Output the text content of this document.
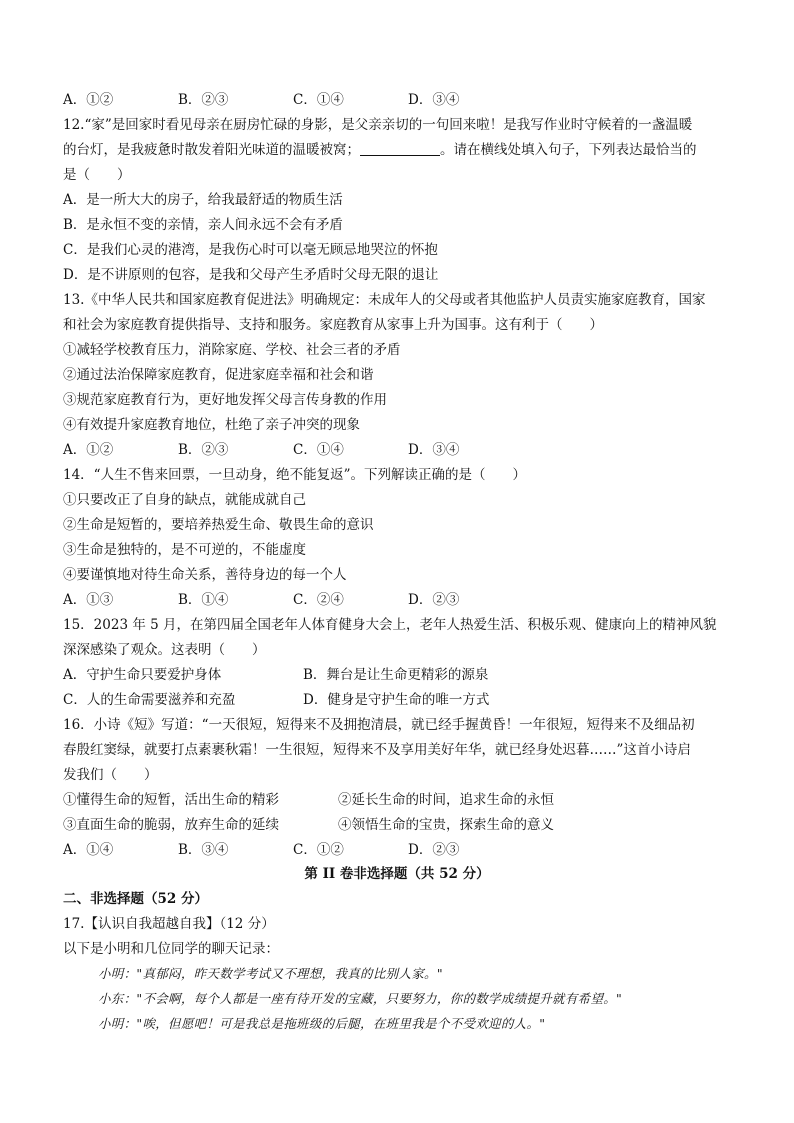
A．①②	B．②③	C．①④	D．③④
12.“家”是回家时看见母亲在厨房忙碌的身影，是父亲亲切的一句回来啦！是我写作业时守候着的一盏温暖
的台灯，是我疲惫时散发着阳光味道的温暖被窝；	。请在横线处填入句子，下列表达最恰当的
是（　　）
A．是一所大大的房子，给我最舒适的物质生活
B．是永恒不变的亲情，亲人间永远不会有矛盾
C．是我们心灵的港湾，是我伤心时可以毫无顾忌地哭泣的怀抱
D．是不讲原则的包容，是我和父母产生矛盾时父母无限的退让
13.《中华人民共和国家庭教育促进法》明确规定：未成年人的父母或者其他监护人员责实施家庭教育，国家
和社会为家庭教育提供指导、支持和服务。家庭教育从家事上升为国事。这有利于（　　）
①减轻学校教育压力，消除家庭、学校、社会三者的矛盾
②通过法治保障家庭教育，促进家庭幸福和社会和谐
③规范家庭教育行为，更好地发挥父母言传身教的作用
④有效提升家庭教育地位，杜绝了亲子冲突的现象
A．①②	B．②③	C．①④	D．③④
14．“人生不售来回票，一旦动身，绝不能复返”。下列解读正确的是（　　）
①只要改正了自身的缺点，就能成就自己
②生命是短暂的，要培养热爱生命、敬畏生命的意识
③生命是独特的，是不可逆的，不能虚度
④要谨慎地对待生命关系，善待身边的每一个人
A．①③	B．①④	C．②④	D．②③
15．2023 年 5 月，在第四届全国老年人体育健身大会上，老年人热爱生活、积极乐观、健康向上的精神风貌
深深感染了观众。这表明（　　）
A．守护生命只要爱护身体	B．舞台是让生命更精彩的源泉
C．人的生命需要滋养和充盈	D．健身是守护生命的唯一方式
16．小诗《短》写道：“一天很短，短得来不及拥抱清晨，就已经手握黄昏！一年很短，短得来不及细品初
春殷红窦绿，就要打点素裹秋霜！一生很短，短得来不及享用美好年华，就已经身处迟暮……”这首小诗启
发我们（　　）
①懂得生命的短暂，活出生命的精彩	②延长生命的时间，追求生命的永恒
③直面生命的脆弱，放弃生命的延续	④领悟生命的宝贵，探索生命的意义
A．①④	B．③④	C．①②	D．②③
第 II 卷非选择题（共 52 分）
二、非选择题（52 分）
17.【认识自我超越自我】（12 分）
以下是小明和几位同学的聊天记录：
小明："真郁闷，昨天数学考试又不理想，我真的比别人家。"
小东："不会啊，每个人都是一座有待开发的宝藏，只要努力，你的数学成绩提升就有希望。"
小明："唉，但愿吧！可是我总是拖班级的后腿，在班里我是个不受欢迎的人。"
